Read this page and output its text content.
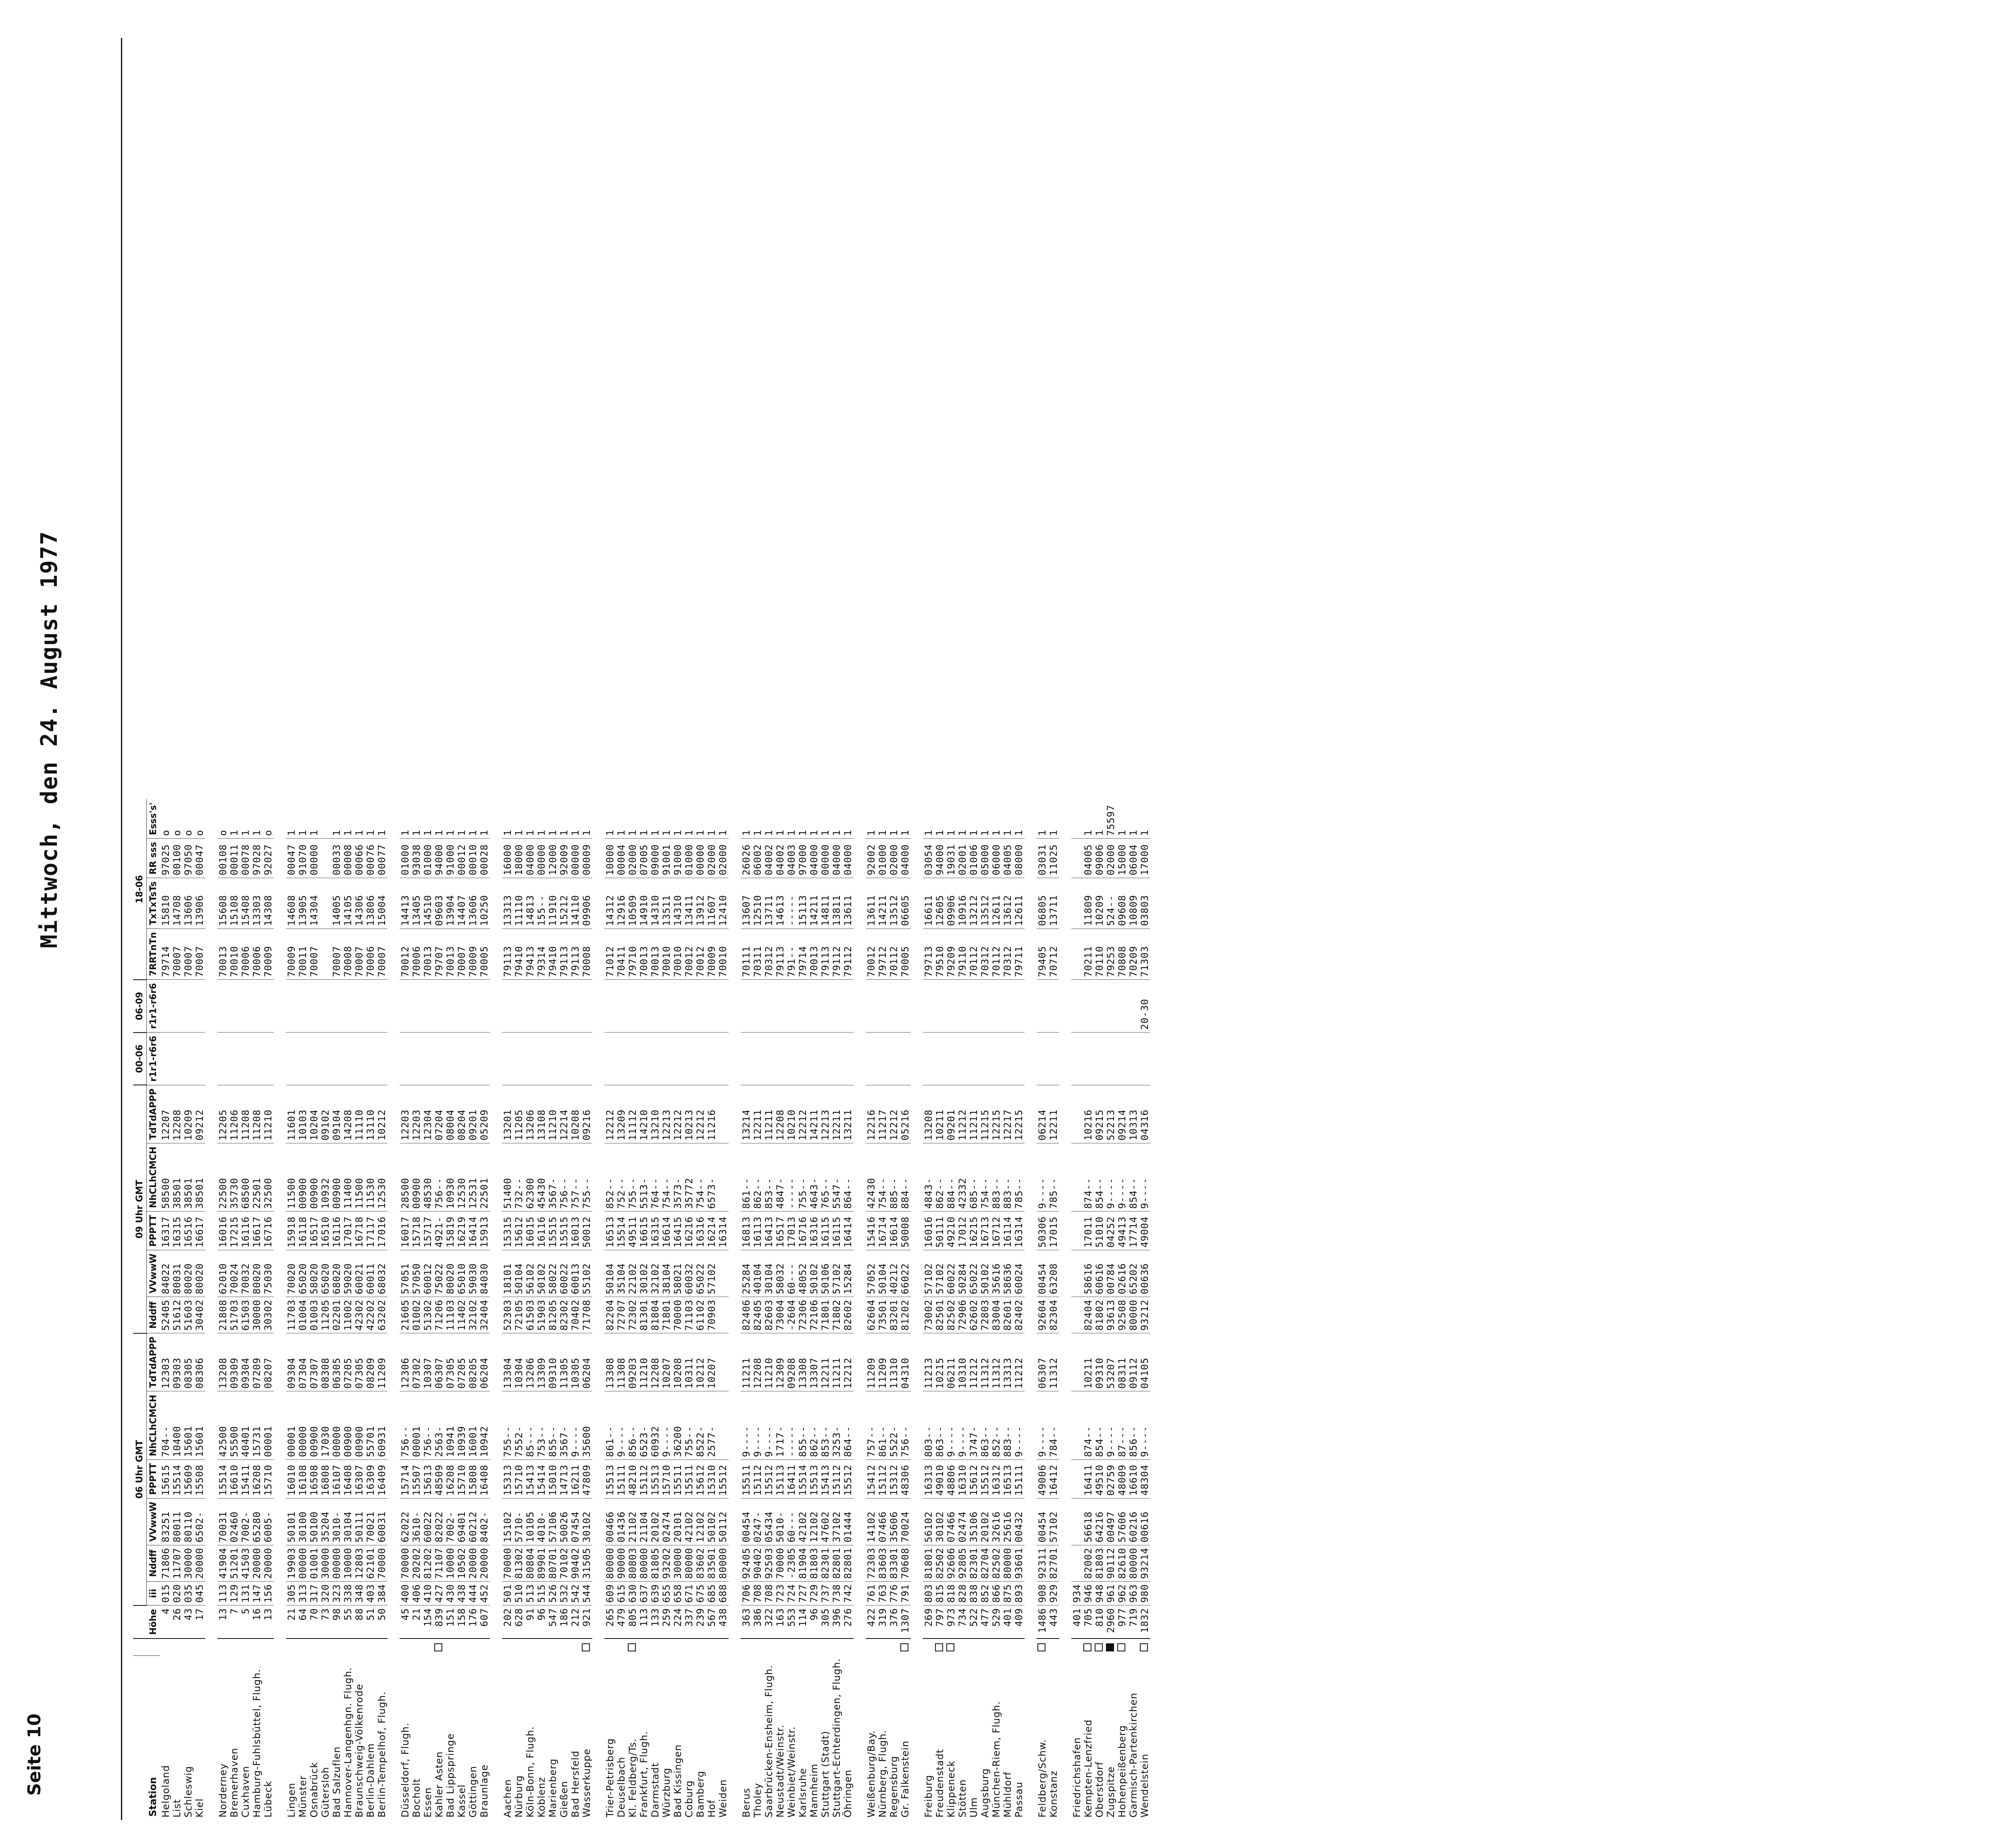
Seite 10
Mittwoch, den 24. August 1977
Station		Höhe	06 Uhr GMT						09 Uhr GMT					00-06	06-09	18-06			
			iii	Nddff	VVwwW	PPPTT	NhCLhCMCH	TdTdAPPP	Nddff	VVwwW	PPPTT	NhCLhCMCH	TdTdAPPP	r1r1-r6r6	r1r1-r6r6	7RRTnTn	TxTxTsTs	RR sss	Esss's'
Helgoland		4	015	71806	83251	15615	704--	12303	52405	84022	16317	58500	12207			79714	15810	97025	o
List		26	020	11707	80011	15514	10400	09303	51612	80031	16315	38501	12208			70007	14708	00100	o
Schleswig		43	035	30000	80110	15609	15601	08305	51603	80020	16516	38501	10209			70007	13606	97050	o
Kiel		17	045	20000	6502-	15508	15601	08306	30402	80020	16617	38501	09212			70007	13906	00047	o

Norderney		13	113	41904	70031	15514	42500	13208	21808	62010	16016	22500	12205			70013	15608	00108	o
Bremerhaven		7	129	51201	02460	16610	55500	09309	51703	70024	17215	35730	11206			70010	15108	00011	1
Cuxhaven		5	131	41503	7002-	15411	40401	09304	61503	70032	16116	68500	11208			70006	15408	00078	1
Hamburg-Fuhlsbüttel, Flugh.		16	147	20000	65280	16208	15731	07209	30000	80020	16617	22501	11208			70006	13303	97028	1
Lübeck		13	156	20000	6005-	15710	00001	08207	30302	75030	16716	32500	11210			70009	14308	92027	o

Lingen		21	305	19903	50101	16010	00001	09304	11703	70020	15918	11500	11601			70009	14608	00047	1
Münster		64	313	00000	30100	16108	00000	07304	01004	65020	16118	00900	10103			70011	13905	91070	1
Osnabrück		70	317	01001	50100	16508	00900	07307	01003	58020	16517	00900	10204			70007	14304	00000	1
Gütersloh		73	320	30000	35204	16808	17030	08308	11205	65020	16510	10932	09102						
Bad Salzuflen		98	323	00000	3010-	16107	00000	06305	02201	68020	16116	00900	09104			70007	14005	00033	1
Hannover-Langenhgn. Flugh.		55	338	10000	30104	16408	00900	07205	11002	59020	17017	11400	14208			70008	14105	00008	1
Braunschweig-Völkenrode		88	348	12803	50111	16307	00900	07305	42302	60021	16718	11500	11110			70007	14306	00066	1
Berlin-Dahlem		51	403	62101	70021	16309	55701	08209	42202	60011	17117	11530	13110			70006	13806	00076	1
Berlin-Tempelhof, Flugh.		50	384	70000	60031	16409	60931	11209	63202	68032	17016	12530	10212			70007	15004	00077	1

Düsseldorf, Flugh.		45	400	70000	62022	15714	756--	12306	21605	57051	16017	28500	12203			70012	14413	01000	1
Bocholt		21	406	20202	3610-	15507	00001	07302	01002	57050	15718	00900	12203			70006	13405	93038	1
Essen		154	410	81202	60022	15613	756--	10307	51302	60012	15717	48530	12304			70013	14510	01000	1
Kahler Asten		839	427	71107	82022	48509	2563-	06307	71206	75022	4921-	756--	07204			79707	09603	94000	1
Bad Lippspringe		151	430	10000	7002-	16208	10941	07305	11103	80020	15819	10930	08004			70013	13904	91000	1
Kassel		158	438	10502	69401	15710	10939	07205	11402	65010	16219	12530	08204			70007	14407	00012	1
Göttingen		176	444	20000	60212	15808	16001	08205	32102	59030	16414	12531	09201			70009	13606	00010	1
Braunlage		607	452	20000	8402-	16408	10942	06204	32404	84030	15913	22501	05209			70005	10250	00028	1

Aachen		202	501	70000	15102	15313	755--	13304	52303	18101	15315	51400	13201			79113	13313	16000	1
Nürburg		628	510	81302	5710-	15710	7552-	10304	72105	50104	15612	732--	11205			79410	11110	18000	1
Köln-Bonn, Flugh.		91	513	80804	10105	15413	85---	13206	61503	56102	16015	62300	13206			79413	14813	04000	1
Koblenz		96	515	89901	4010-	15414	753--	13309	51903	50102	16116	45430	13108			79314	155--	00000	1
Marienberg		547	526	80701	57106	15010	855--	09310	81205	58022	15515	3567-	11210			79410	11910	12000	1
Gießen		186	532	70102	50026	14713	3567-	11305	82302	60022	15515	756--	12214			79113	15212	92009	1
Bad Hersfeld		212	542	90402	07454	16211	9----	10305	70402	60013	16013	757--	10208			79113	14110	00000	1
Wasserkuppe		921	544	31505	30102	47809	35600	06204	71708	55102	50012	755--	09216			70008	09906	00009	1

Trier-Petrisberg		265	609	80000	00466	15513	861--	13308	82204	50104	16513	852--	12212			71012	14312	10000	1
Deuselbach		479	615	90000	01436	15111	9----	11308	72707	35104	15514	752--	13209			70411	12916	00004	1
Kl. Feldberg/Ts.		805	630	80803	21102	48210	856--	09203	72302	22102	49511	755--	11112			79710	10509	02000	1
Frankfurt, Flugh.		113	637	80000	21104	15112	6523-	11210	81301	30102	16615	5513-	14210			70013	14910	07005	1
Darmstadt		133	639	81805	20102	15513	60932	12208	81804	32102	16315	764--	13210			70013	14310	09000	1
Würzburg		259	655	93202	02474	15710	9----	10207	71801	38104	16614	754--	12213			70010	13511	91001	1
Bad Kissingen		224	658	30000	20101	15511	36200	10208	70000	58021	16415	3573-	12212			70010	14310	91000	1
Coburg		337	671	80000	42102	15511	755--	10311	71103	60032	16216	35772	10213			70012	13411	01000	1
Bamberg		239	675	83602	12102	15612	8522-	10212	61102	65022	16316	754--	12212			70012	13912	00000	1
Hof		567	685	83501	50102	15310	2577-	10207	70903	57102	16214	6573-	11216			70009	11607	02000	1
Weiden		438	688	80000	50112	15512					16314					70010	12410	02000	1

Berus		363	706	92405	00454	15511	9----	11211	82406	25284	16813	861--	13214			70111	13607	26026	1
Tholey		386	708	90402	0247-	15112	9----	12208	82405	40104	16113	862--	12211			70311	12510	06002	1
Saarbrücken-Ensheim, Flugh.		322	708	92503	05434	15512	9----	11210	82603	30104	16413	853--	11211			70312	13711	04002	1
Neustadt/Weinstr.		163	723	70000	5010-	15113	1717-	12309	73004	58032	16517	4847-	12208			79113	14613	04002	1
Weinbiet/Weinstr.		553	724	-2305	60---	16411	-----	09208	-2604	60---	17013	-----	10210			791--	-----	04003	1
Karlsruhe		114	727	81904	42102	15514	855--	13308	72306	48052	16716	755--	12212			79714	15113	97000	1
Mannheim		96	729	81803	12102	15513	862--	13307	72106	50102	16316	4643-	14211			70013	14211	04000	1
Stuttgart (Stadt)		305	737	82301	47602	15413	853--	12211	71801	50106	16115	765--	12213			79113	14811	00000	1
Stuttgart-Echterdingen, Flugh.		396	738	82801	37102	15112	3253-	11211	71802	57102	16115	5547-	12211			79112	13811	04000	1
Öhringen		276	742	82801	01444	15512	864--	12212	82602	15284	16414	864--	13211			79112	13611	04000	1

Weißenburg/Bay.		422	761	72303	14102	15412	757--	11209	62604	57052	15416	42430	12216			70012	13611	92002	1
Nürnberg, Flugh.		319	763	83603	07466	15112	861--	11209	73501	50104	16714	754--	11217			79712	14211	01000	1
Regensburg		376	776	83301	35606	15312	5522-	11310	83201	40212	16614	885--	12212			70112	13512	02000	1
Gr. Falkenstein		1307	791	70608	70024	48306	756--	04310	81202	66022	50008	884--	05216			70005	06605	04000	1

Freiburg		269	803	81801	56102	16313	803--	11213	73002	57102	16016	4843-	13208			79713	16611	03054	1
Freudenstadt		797	815	82502	30102	49010	863--	10215	82501	57102	50111	862--	10211			79510	12605	94000	1
Klippeneck		973	818	92606	07466	48806	9----	06211	82502	60022	49210	884--	09201			79209	09906	19031	1
Stötten		734	828	92805	02474	16310	9----	10310	72906	50284	17012	42332	11212			79110	10916	02001	1
Ulm		522	838	82301	35106	15612	3747-	11212	62602	65022	16215	685--	11211			70112	13212	01006	1
Augsburg		477	852	82704	20102	15512	863--	11312	72803	50102	16713	754--	11215			70312	13512	05000	1
München-Riem, Flugh.		529	866	82502	32616	16312	852--	11312	83004	35616	16712	883--	12215			70112	12611	06000	1
Mühldorf		401	875	80000	25616	16513	883--	13313	82601	58636	16114	883--	12217			70312	13612	04005	1
Passau		409	893	93601	00432	15111	9----	11212	82402	60024	16314	785--	12215			79711	12611	08000	1

Feldberg/Schw.		1486	908	92311	00454	49006	9----	06307	92604	00454	50306	9----	06214			79405	06805	03031	1
Konstanz		443	929	82701	57102	16412	784--	11312	82304	63208	17015	785--	12211			70712	13711	11025	1

Friedrichshafen		401	934																
Kempten-Lenzfried		705	946	82002	56618	16411	874--	10211	82404	58616	17011	874--	10216			70211	11809	04005	1
Oberstdorf		810	948	81803	64216	49510	854--	09310	81802	60616	51010	854--	09215			70110	10209	09006	1
Zugspitze		2960	961	90112	00497	02759	9----	53207	93613	00784	04252	9----	52213			79253	524--	02000	75597
Hohenpeißenberg		977	962	82610	57606	48009	87---	08311	92508	02616	49413	9----	09214			70808	09608	15000	1
Garmisch-Partenkirchen		719	963	80000	60216	16610	856--	09112	80000	65202	17714	854--	10313			70209	10809	06004	1
Wendelstein		1832	980	93214	00616	48304	9----	04105	93212	00636	49004	9----	04316		20-30	71303	03803	17000	1
